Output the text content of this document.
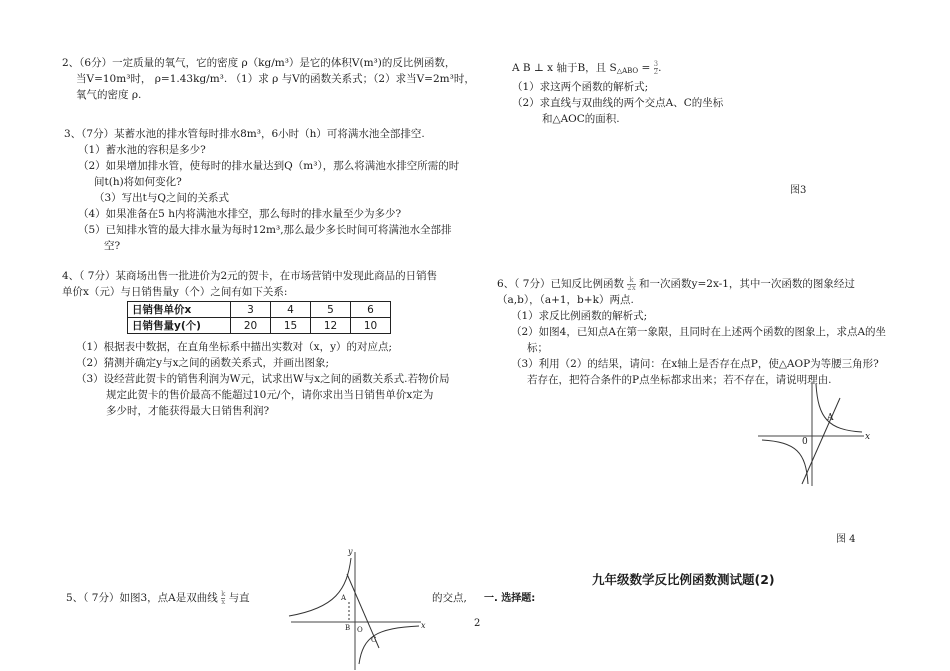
2、（6分）一定质量的氧气，它的密度 ρ（kg/m³）是它的体积V(m³)的反比例函数，

当V=10m³时， ρ=1.43kg/m³. （1）求 ρ 与V的函数关系式；（2）求当V=2m³时，

氧气的密度 ρ.

3、（7分）某蓄水池的排水管每时排水8m³，6小时（h）可将满水池全部排空.

（1）蓄水池的容积是多少?

（2）如果增加排水管，使每时的排水量达到Q（m³），那么将满池水排空所需的时

间t(h)将如何变化?

（3）写出t与Q之间的关系式

（4）如果准备在5 h内将满池水排空，那么每时的排水量至少为多少?

（5）已知排水管的最大排水量为每时12m³,那么最少多长时间可将满池水全部排

空?

4、（ 7分）某商场出售一批进价为2元的贺卡，在市场营销中发现此商品的日销售

单价x（元）与日销售量y（个）之间有如下关系:

日销售单价x	3	4	5	6
日销售量y(个)	20	15	12	10

（1）根据表中数据，在直角坐标系中描出实数对（x，y）的对应点;

（2）猜测并确定y与x之间的函数关系式，并画出图象;

（3）设经营此贺卡的销售利润为W元，试求出W与x之间的函数关系式.若物价局

规定此贺卡的售价最高不能超过10元/个，请你求出当日销售单价x定为

多少时，才能获得最大日销售利润?

5、（ 7分）如图3，点A是双曲线 $\frac{k}{x}$ 与直	的交点,

A B ⊥ x 轴于B，且 $S_{\triangle ABO} = \frac{3}{2}$ .

（1）求这两个函数的解析式;

（2）求直线与双曲线的两个交点A、C的坐标

和△AOC的面积.

图3

6、（ 7分）已知反比例函数 $\frac{k}{2x}$ 和一次函数y=2x-1，其中一次函数的图象经过

（a,b），（a+1，b+k）两点.

（1）求反比例函数的解析式;

（2）如图4，已知点A在第一象限，且同时在上述两个函数的图象上，求点A的坐

标；

（3）利用（2）的结果，请问：在x轴上是否存在点P，使△AOP为等腰三角形?

若存在，把符合条件的P点坐标都求出来；若不存在，请说明理由.

0
A
x
图 4
y
x
O
A
B
C
2
九年级数学反比例函数测试题(2)
一. 选择题:
